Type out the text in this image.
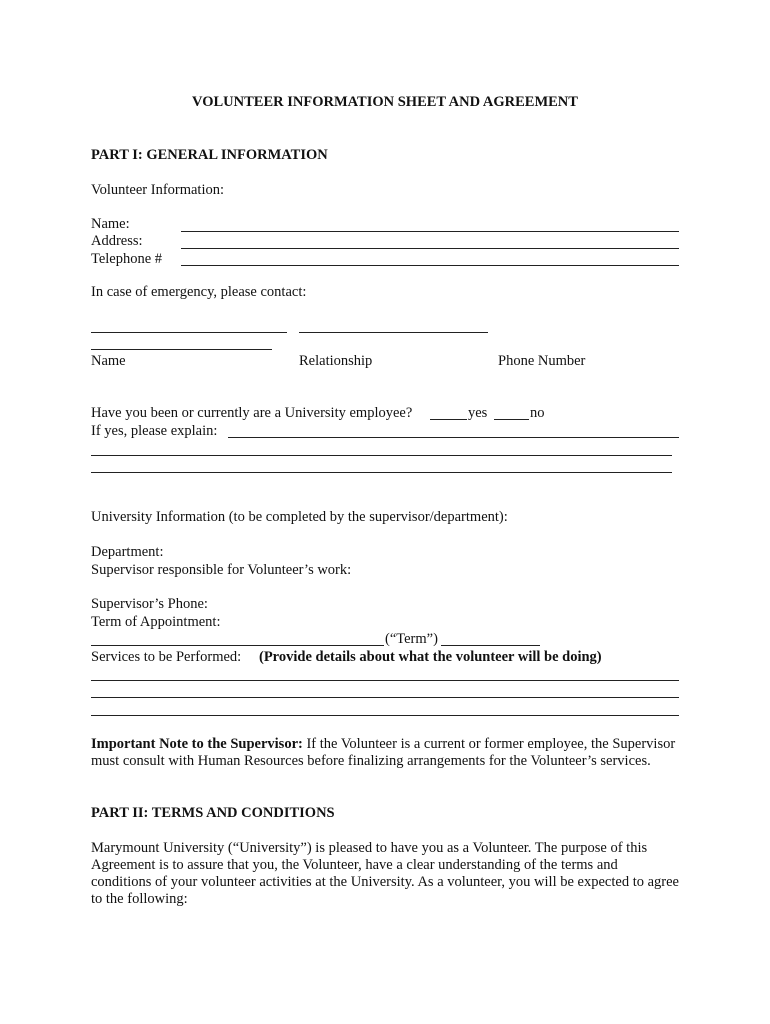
VOLUNTEER INFORMATION SHEET AND AGREEMENT
PART I: GENERAL INFORMATION
Volunteer Information:
Name:
Address:
Telephone #
In case of emergency, please contact:
Name	Relationship	Phone Number
Have you been or currently are a University employee?	yes	no
If yes, please explain:
University Information (to be completed by the supervisor/department):
Department:
Supervisor responsible for Volunteer’s work:
Supervisor’s Phone:
Term of Appointment:
(“Term”)
Services to be Performed: (Provide details about what the volunteer will be doing)
Important Note to the Supervisor: If the Volunteer is a current or former employee, the Supervisor must consult with Human Resources before finalizing arrangements for the Volunteer’s services.
PART II: TERMS AND CONDITIONS
Marymount University (“University”) is pleased to have you as a Volunteer. The purpose of this Agreement is to assure that you, the Volunteer, have a clear understanding of the terms and conditions of your volunteer activities at the University. As a volunteer, you will be expected to agree to the following:
